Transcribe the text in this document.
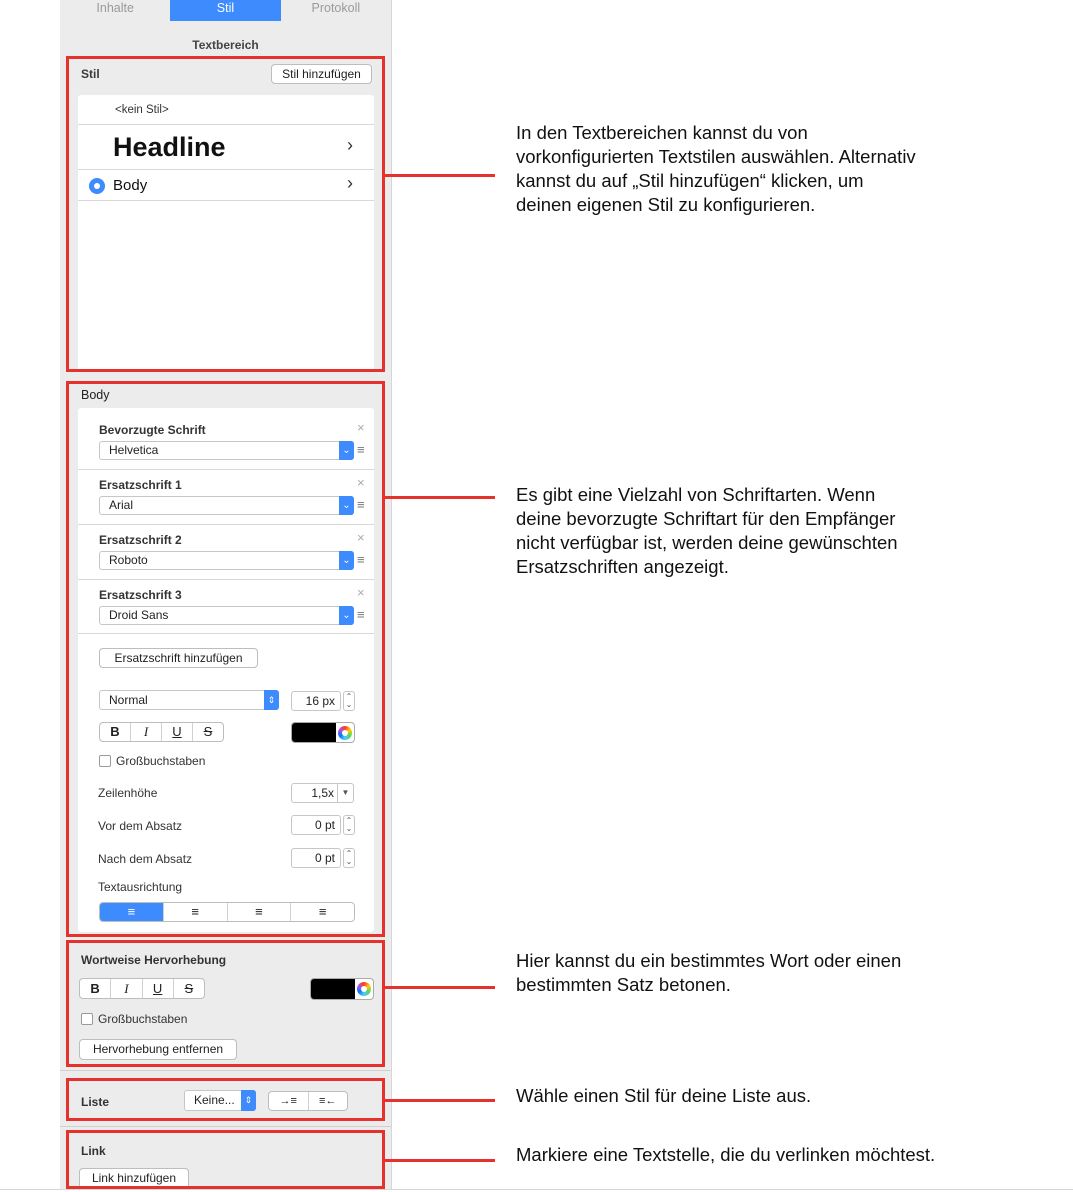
Inhalte	Stil	Protokoll
Textbereich
Stil	Stil hinzufügen
<kein Stil>
Headline	›
Body	›
Body
Bevorzugte Schrift	×
Helvetica	⌄ ≡
Ersatzschrift 1	×
Arial	⌄ ≡
Ersatzschrift 2	×
Roboto	⌄ ≡
Ersatzschrift 3	×
Droid Sans	⌄ ≡
Ersatzschrift hinzufügen
Normal	⇕	16 px	⌃
⌄
B	I	U	S
Großbuchstaben
Zeilenhöhe	1,5x ▼
Vor dem Absatz	0 pt	⌃
⌄
Nach dem Absatz	0 pt	⌃
⌄
Textausrichtung
≡	≡	≡	≡
Wortweise Hervorhebung
B	I	U	S
Großbuchstaben
Hervorhebung entfernen
Liste	Keine...	⇕	→≡	≡←
Link
Link hinzufügen

In den Textbereichen kannst du von

vorkonfigurierten Textstilen auswählen. Alternativ

kannst du auf „Stil hinzufügen“ klicken, um

deinen eigenen Stil zu konfigurieren.

Es gibt eine Vielzahl von Schriftarten. Wenn

deine bevorzugte Schriftart für den Empfänger

nicht verfügbar ist, werden deine gewünschten

Ersatzschriften angezeigt.

Hier kannst du ein bestimmtes Wort oder einen

bestimmten Satz betonen.

Wähle einen Stil für deine Liste aus.

Markiere eine Textstelle, die du verlinken möchtest.
